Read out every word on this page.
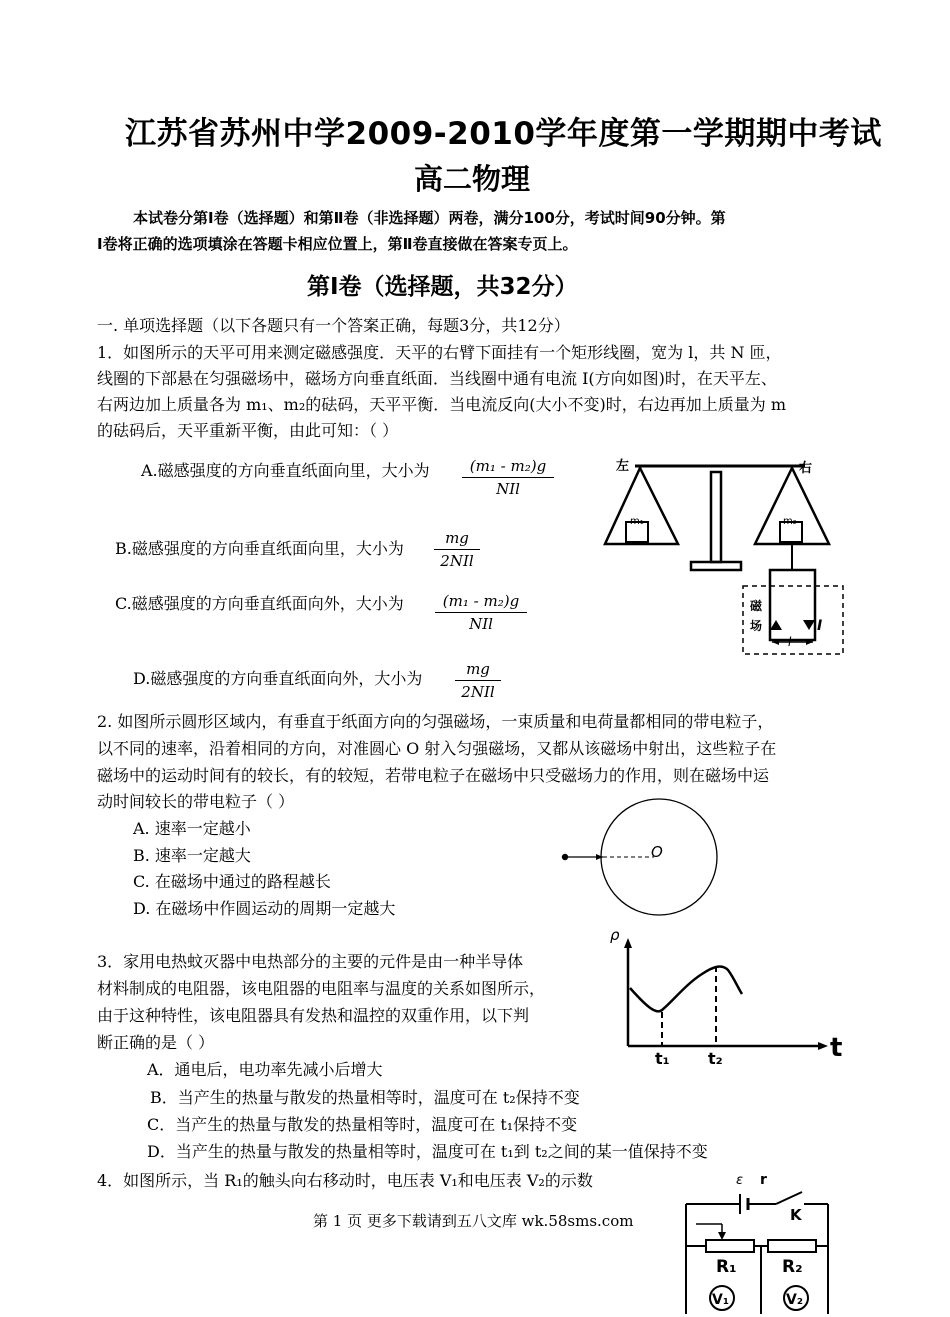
江苏省苏州中学2009-2010学年度第一学期期中考试
高二物理
本试卷分第Ⅰ卷（选择题）和第Ⅱ卷（非选择题）两卷，满分100分，考试时间90分钟。第
Ⅰ卷将正确的选项填涂在答题卡相应位置上，第Ⅱ卷直接做在答案专页上。
第Ⅰ卷（选择题，共32分）
一. 单项选择题（以下各题只有一个答案正确，每题3分，共12分）
1．如图所示的天平可用来测定磁感强度．天平的右臂下面挂有一个矩形线圈，宽为 l，共 N 匝，
线圈的下部悬在匀强磁场中，磁场方向垂直纸面．当线圈中通有电流 I(方向如图)时，在天平左、
右两边加上质量各为 m₁、m₂的砝码，天平平衡．当电流反向(大小不变)时，右边再加上质量为 m
的砝码后，天平重新平衡，由此可知：（ ）
A.磁感强度的方向垂直纸面向里，大小为	(m₁ - m₂)g
NIl
B.磁感强度的方向垂直纸面向里，大小为
mg
2NIl
C.磁感强度的方向垂直纸面向外，大小为	(m₁ - m₂)g
NIl
D.磁感强度的方向垂直纸面向外，大小为	mg
2NIl
左	右
m₁	m₂
磁
场	I
l
2. 如图所示圆形区域内，有垂直于纸面方向的匀强磁场，一束质量和电荷量都相同的带电粒子，
以不同的速率，沿着相同的方向，对准圆心 O 射入匀强磁场，又都从该磁场中射出，这些粒子在
磁场中的运动时间有的较长，有的较短，若带电粒子在磁场中只受磁场力的作用，则在磁场中运
动时间较长的带电粒子（ ）
A. 速率一定越小
B. 速率一定越大
C. 在磁场中通过的路程越长
D. 在磁场中作圆运动的周期一定越大
O
3．家用电热蚊灭器中电热部分的主要的元件是由一种半导体
材料制成的电阻器，该电阻器的电阻率与温度的关系如图所示，
由于这种特性，该电阻器具有发热和温控的双重作用，以下判
断正确的是（ ）
A．通电后，电功率先减小后增大
B．当产生的热量与散发的热量相等时，温度可在 t₂保持不变
C．当产生的热量与散发的热量相等时，温度可在 t₁保持不变
D．当产生的热量与散发的热量相等时，温度可在 t₁到 t₂之间的某一值保持不变
ρ
t
t₁ t₂
4．如图所示，当 R₁的触头向右移动时，电压表 V₁和电压表 V₂的示数	ε r
K
R₁	R₂
V₁	V₂
第 1 页 更多下载请到五八文库 wk.58sms.com
